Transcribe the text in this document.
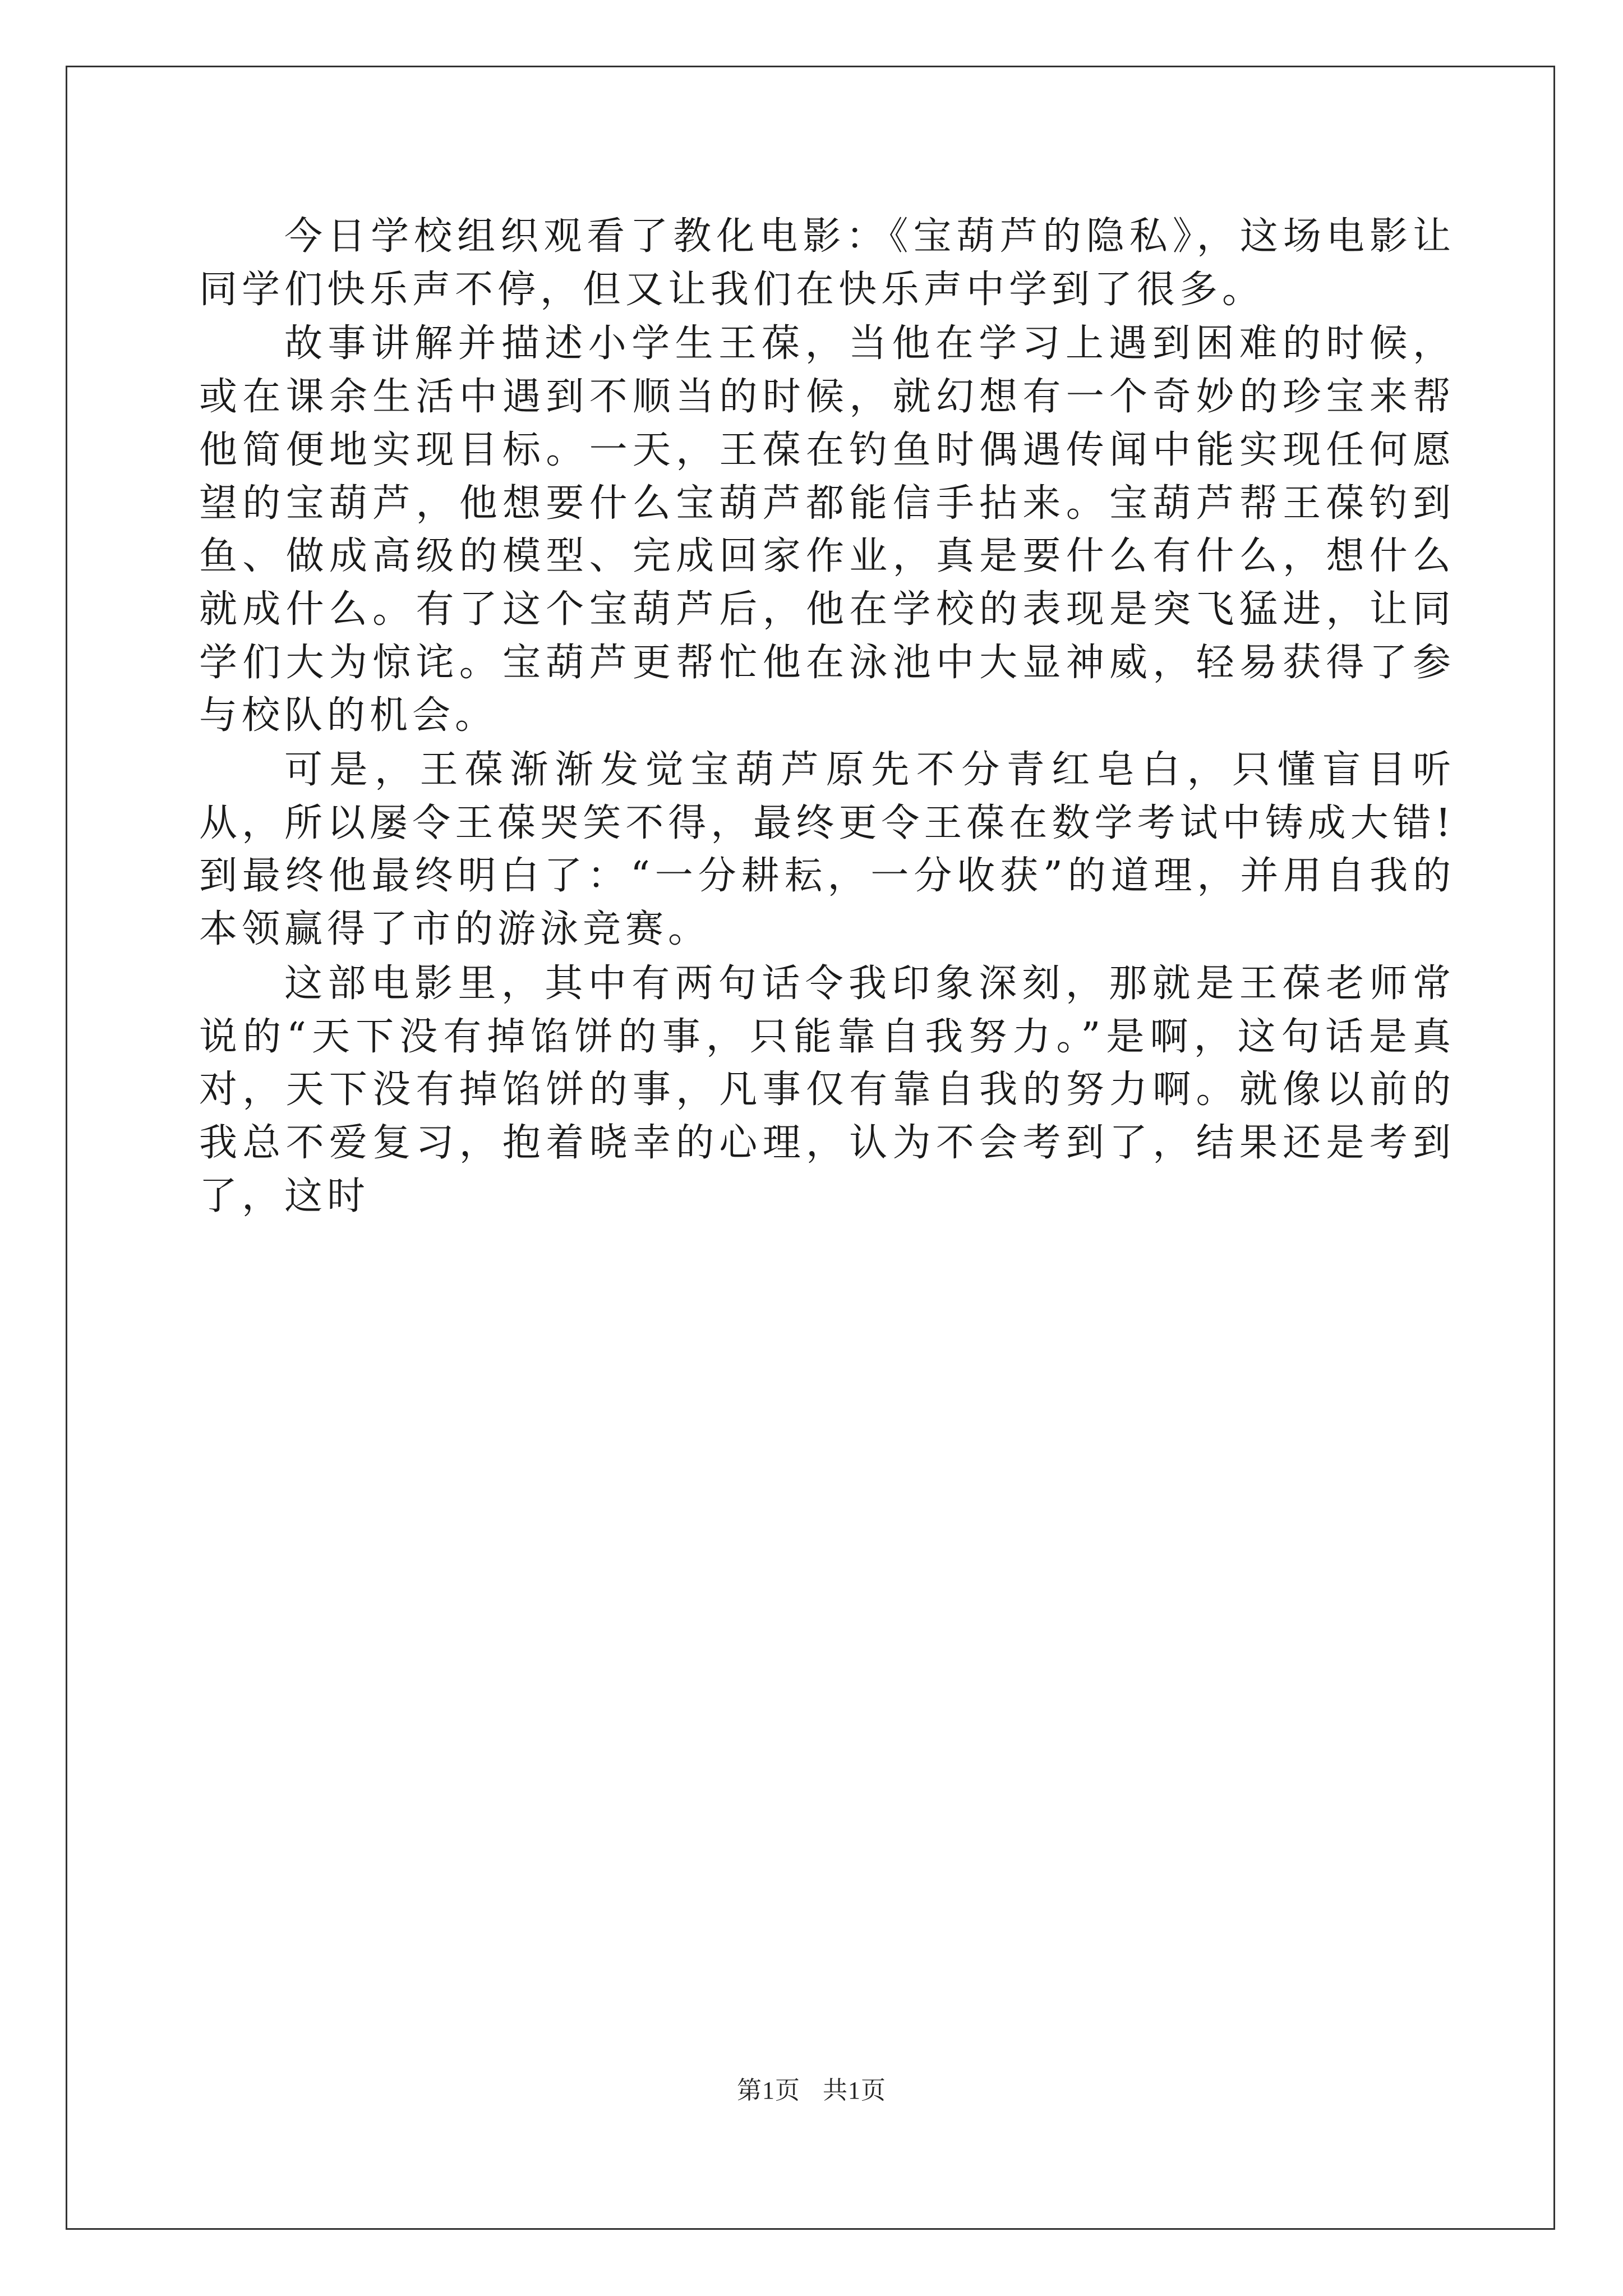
今日学校组织观看了教化电影：《宝葫芦的隐私》，这场电影让同学们快乐声不停，但又让我们在快乐声中学到了很多。

故事讲解并描述小学生王葆，当他在学习上遇到困难的时候，或在课余生活中遇到不顺当的时候，就幻想有一个奇妙的珍宝来帮他简便地实现目标。一天，王葆在钓鱼时偶遇传闻中能实现任何愿望的宝葫芦，他想要什么宝葫芦都能信手拈来。宝葫芦帮王葆钓到鱼、做成高级的模型、完成回家作业，真是要什么有什么，想什么就成什么。有了这个宝葫芦后，他在学校的表现是突飞猛进，让同学们大为惊诧。宝葫芦更帮忙他在泳池中大显神威，轻易获得了参与校队的机会。

可是，王葆渐渐发觉宝葫芦原先不分青红皂白，只懂盲目听从，所以屡令王葆哭笑不得，最终更令王葆在数学考试中铸成大错!到最终他最终明白了：“一分耕耘，一分收获”的道理，并用自我的本领赢得了市的游泳竞赛。

这部电影里，其中有两句话令我印象深刻，那就是王葆老师常说的“天下没有掉馅饼的事，只能靠自我努力。”是啊，这句话是真对，天下没有掉馅饼的事，凡事仅有靠自我的努力啊。就像以前的我总不爱复习，抱着晓幸的心理，认为不会考到了，结果还是考到了，这时

第1页 共1页
